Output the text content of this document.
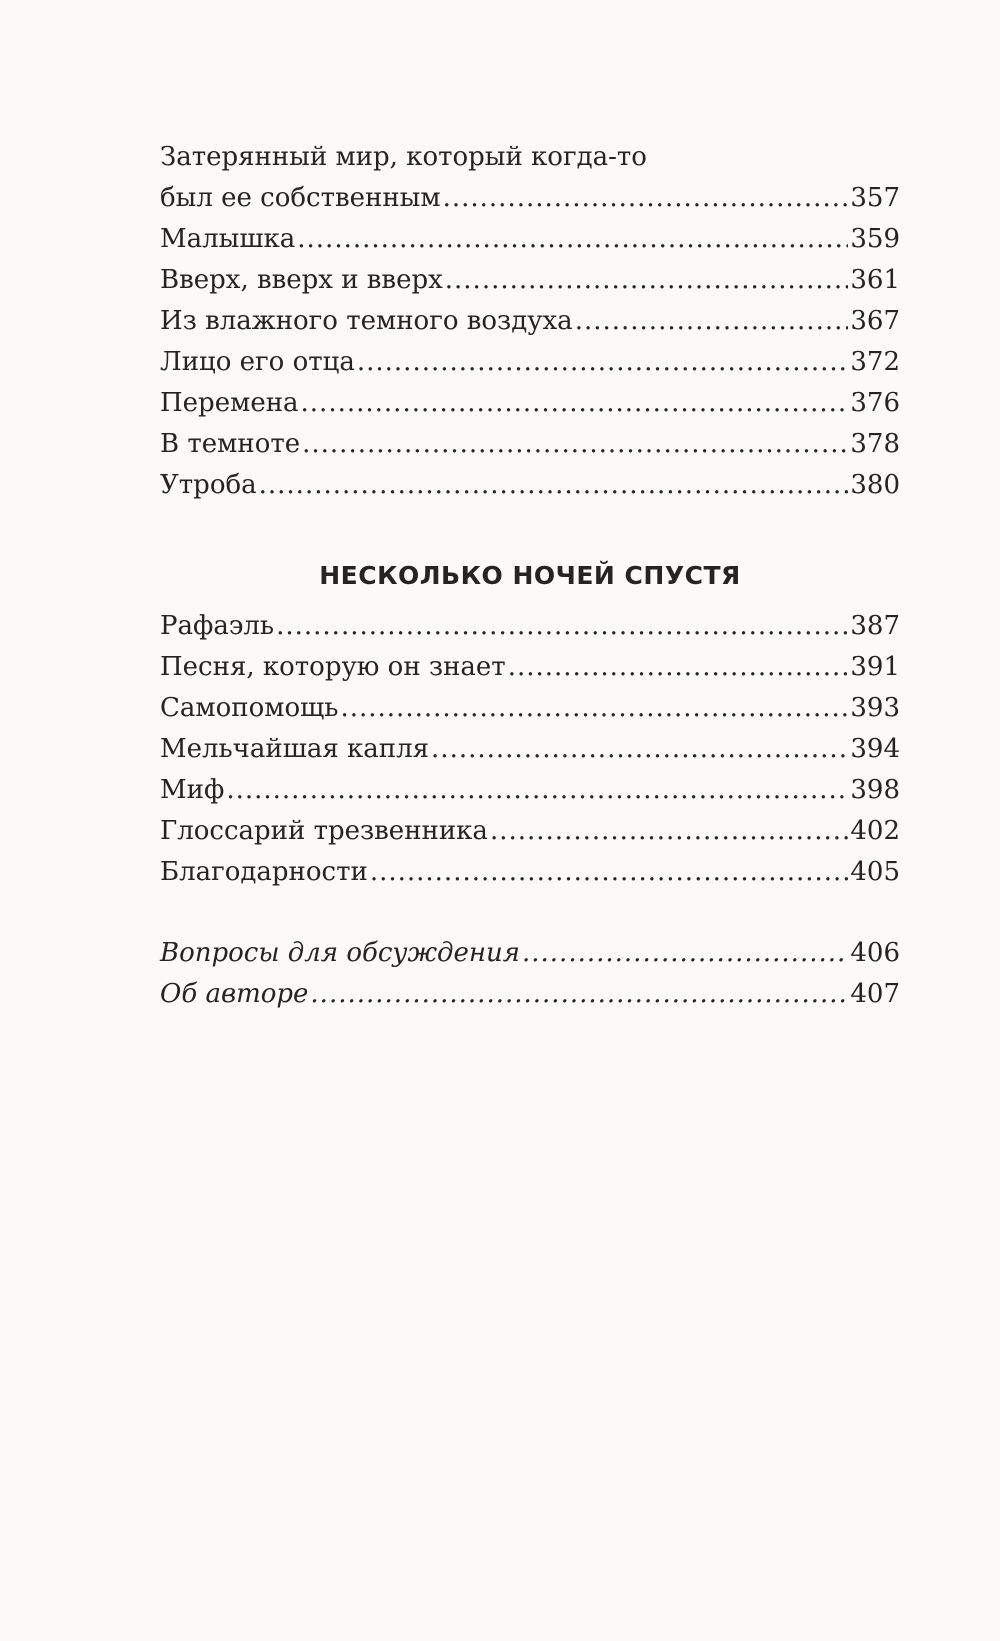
Затерянный мир, который когда-то
был ее собственным .....	357
Малышка .....	359
Вверх, вверх и вверх .....	361
Из влажного темного воздуха .....	367
Лицо его отца .....	372
Перемена .....	376
В темноте .....	378
Утроба .....	380
НЕСКОЛЬКО НОЧЕЙ СПУСТЯ
Рафаэль .....	387
Песня, которую он знает .....	391
Самопомощь .....	393
Мельчайшая капля .....	394
Миф .....	398
Глоссарий трезвенника .....	402
Благодарности .....	405
Вопросы для обсуждения .....	406
Об авторе .....	407
